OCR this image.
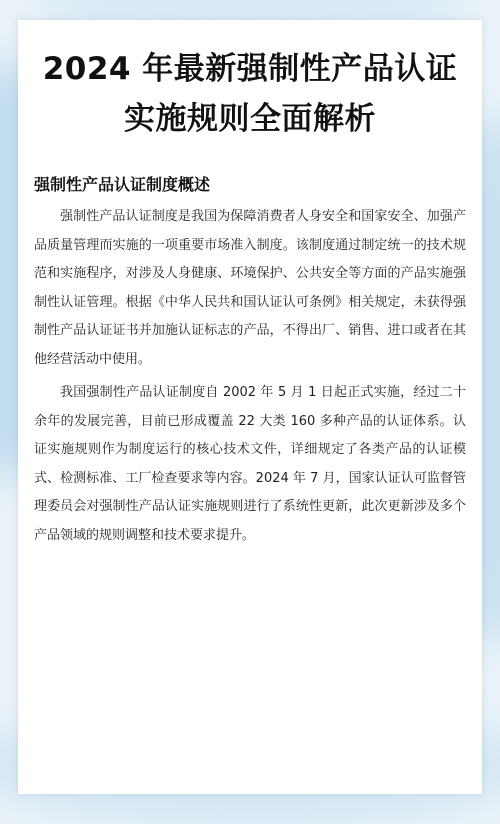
2024 年最新强制性产品认证实施规则全面解析
强制性产品认证制度概述

强制性产品认证制度是我国为保障消费者人身安全和国家安全、加强产品质量管理而实施的一项重要市场准入制度。该制度通过制定统一的技术规范和实施程序，对涉及人身健康、环境保护、公共安全等方面的产品实施强制性认证管理。根据《中华人民共和国认证认可条例》相关规定，未获得强制性产品认证证书并加施认证标志的产品，不得出厂、销售、进口或者在其他经营活动中使用。

我国强制性产品认证制度自 2002 年 5 月 1 日起正式实施，经过二十余年的发展完善，目前已形成覆盖 22 大类 160 多种产品的认证体系。认证实施规则作为制度运行的核心技术文件，详细规定了各类产品的认证模式、检测标准、工厂检查要求等内容。2024 年 7 月，国家认证认可监督管理委员会对强制性产品认证实施规则进行了系统性更新，此次更新涉及多个产品领域的规则调整和技术要求提升。
